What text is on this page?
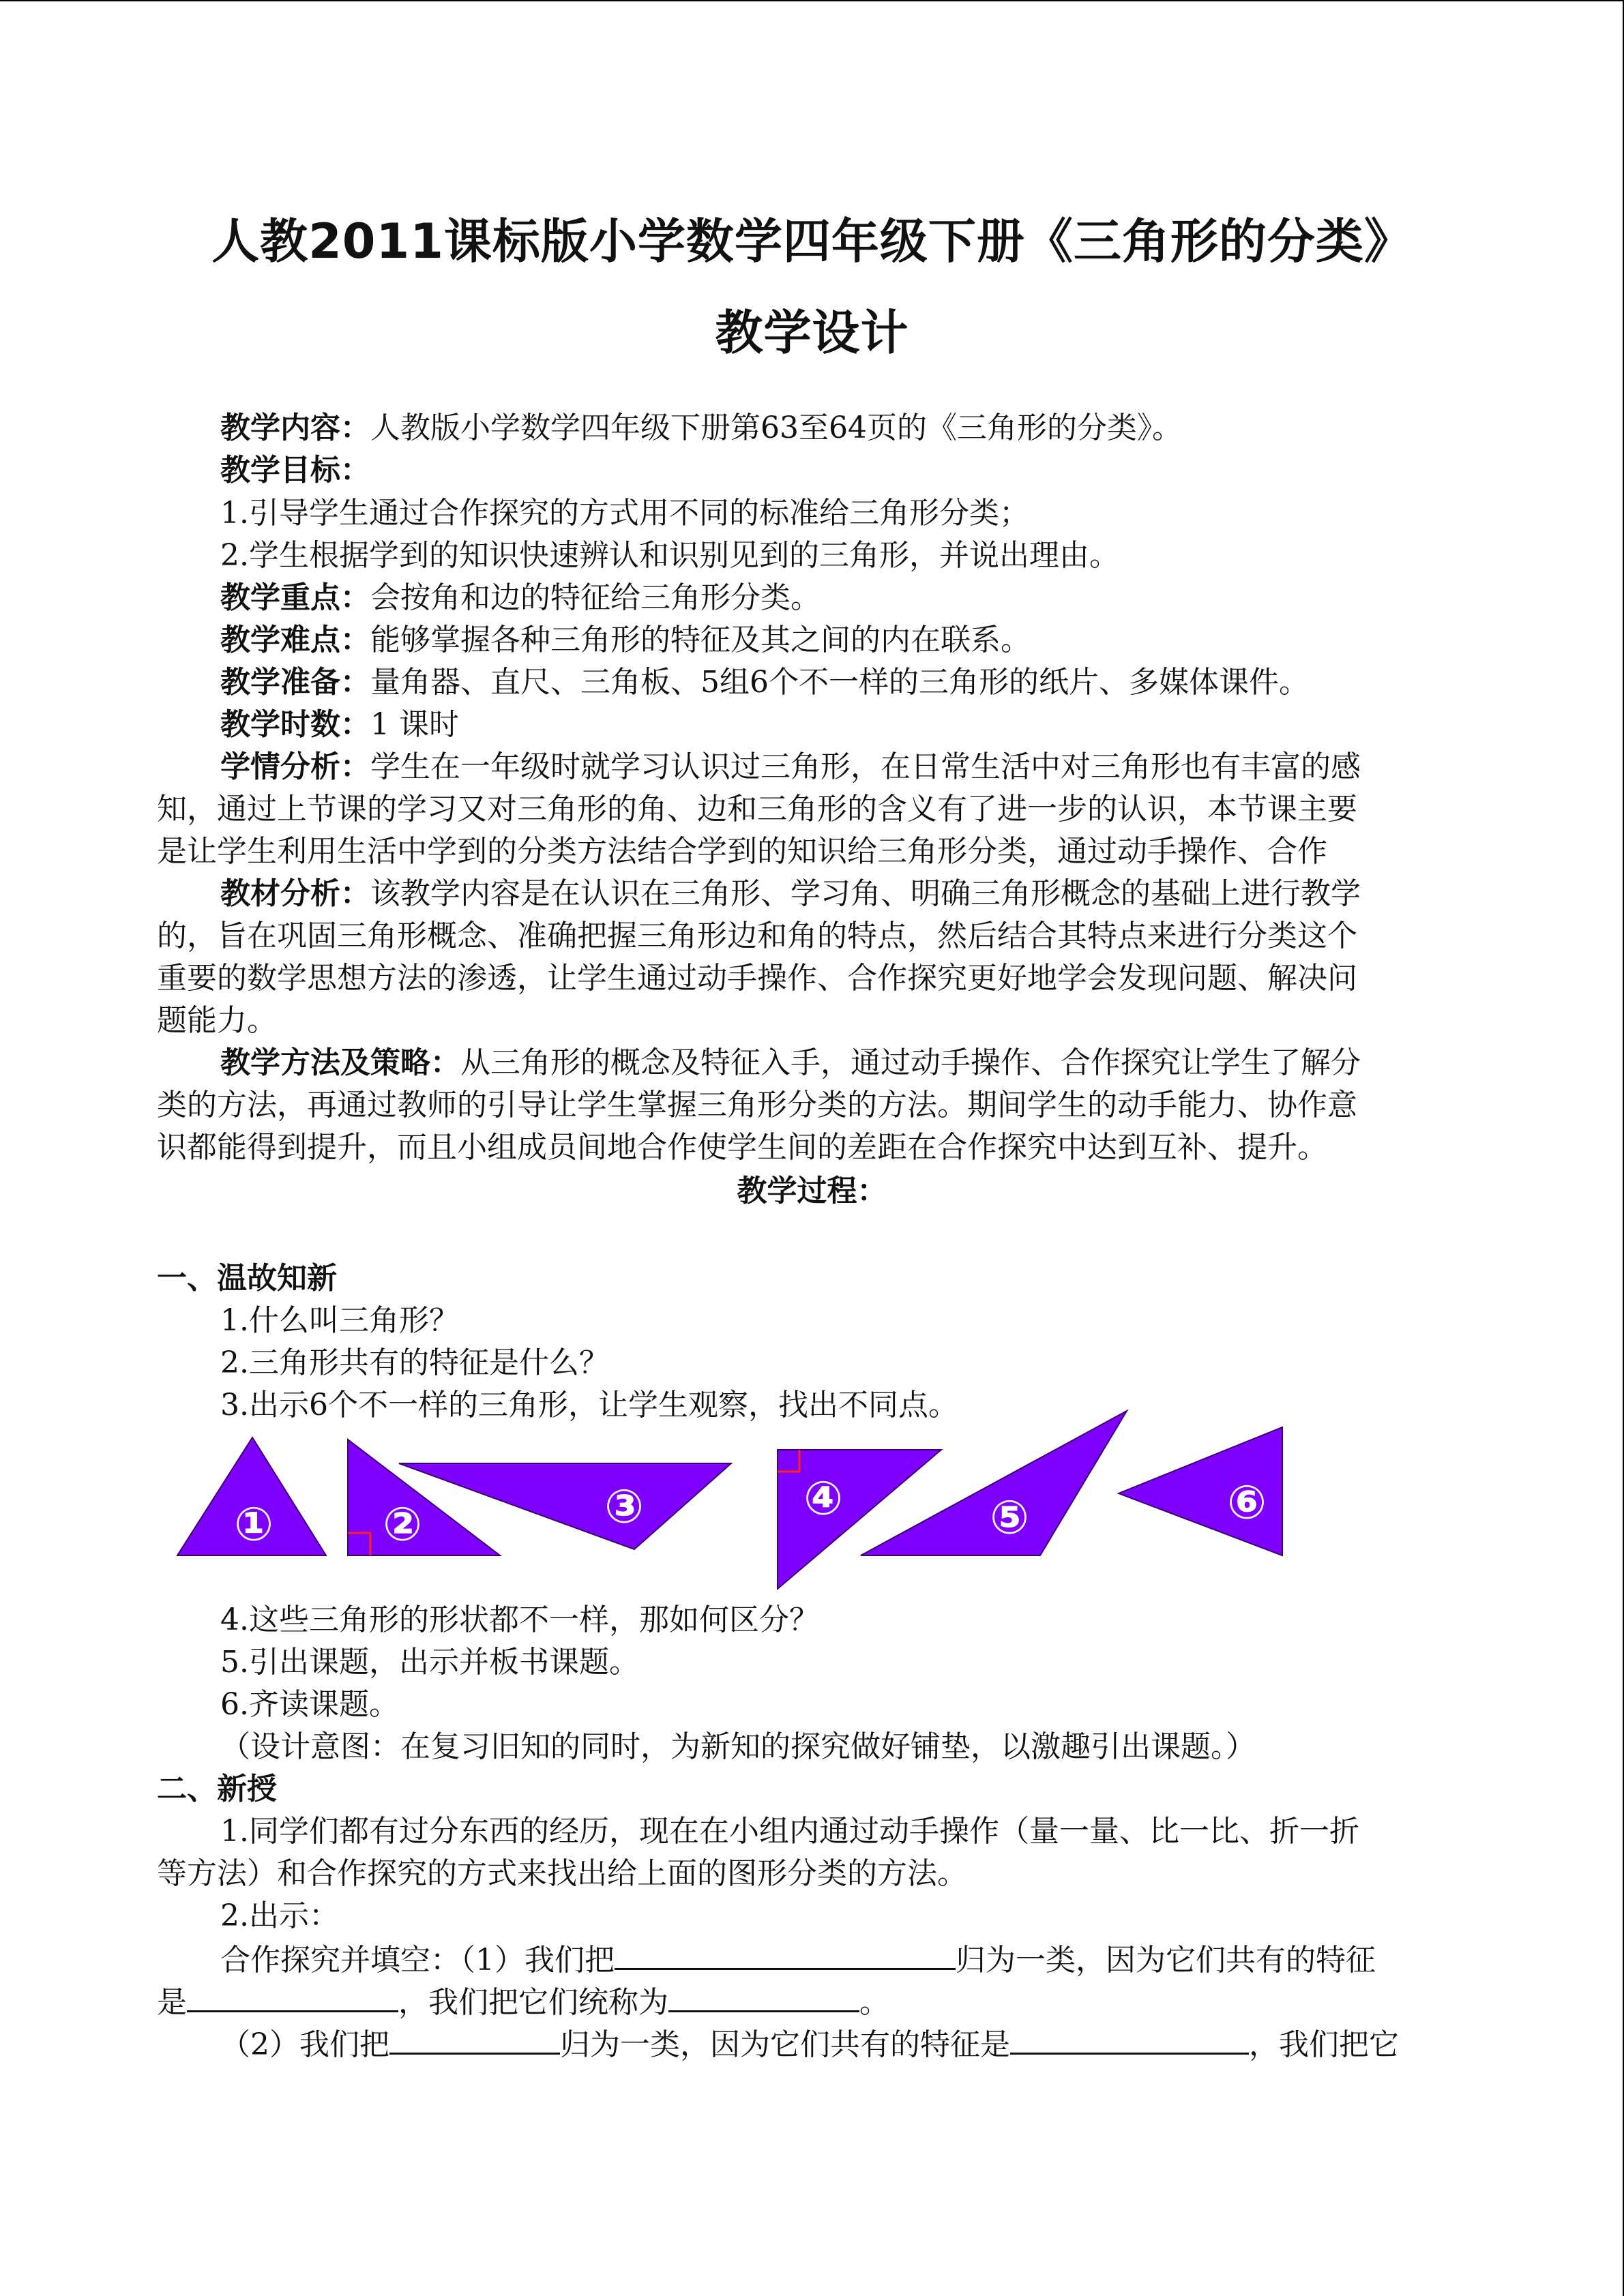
人教2011课标版小学数学四年级下册《三角形的分类》
教学设计
教学内容：人教版小学数学四年级下册第63至64页的《三角形的分类》。
教学目标：
1.引导学生通过合作探究的方式用不同的标准给三角形分类；
2.学生根据学到的知识快速辨认和识别见到的三角形，并说出理由。
教学重点：会按角和边的特征给三角形分类。
教学难点：能够掌握各种三角形的特征及其之间的内在联系。
教学准备：量角器、直尺、三角板、5组6个不一样的三角形的纸片、多媒体课件。
教学时数：1 课时
学情分析：学生在一年级时就学习认识过三角形，在日常生活中对三角形也有丰富的感
知，通过上节课的学习又对三角形的角、边和三角形的含义有了进一步的认识，本节课主要
是让学生利用生活中学到的分类方法结合学到的知识给三角形分类，通过动手操作、合作
教材分析：该教学内容是在认识在三角形、学习角、明确三角形概念的基础上进行教学
的，旨在巩固三角形概念、准确把握三角形边和角的特点，然后结合其特点来进行分类这个
重要的数学思想方法的渗透，让学生通过动手操作、合作探究更好地学会发现问题、解决问
题能力。
教学方法及策略：从三角形的概念及特征入手，通过动手操作、合作探究让学生了解分
类的方法，再通过教师的引导让学生掌握三角形分类的方法。期间学生的动手能力、协作意
识都能得到提升，而且小组成员间地合作使学生间的差距在合作探究中达到互补、提升。
教学过程：
一、温故知新
1.什么叫三角形？
2.三角形共有的特征是什么？
3.出示6个不一样的三角形，让学生观察，找出不同点。
① ②	③	④	⑤	⑥
4.这些三角形的形状都不一样，那如何区分？
5.引出课题，出示并板书课题。
6.齐读课题。
（设计意图：在复习旧知的同时，为新知的探究做好铺垫，以激趣引出课题。）
二、新授
1.同学们都有过分东西的经历，现在在小组内通过动手操作（量一量、比一比、折一折
等方法）和合作探究的方式来找出给上面的图形分类的方法。
2.出示：
合作探究并填空：（1）我们把	归为一类，因为它们共有的特征
是	，我们把它们统称为	。
（2）我们把	归为一类，因为它们共有的特征是	，我们把它
